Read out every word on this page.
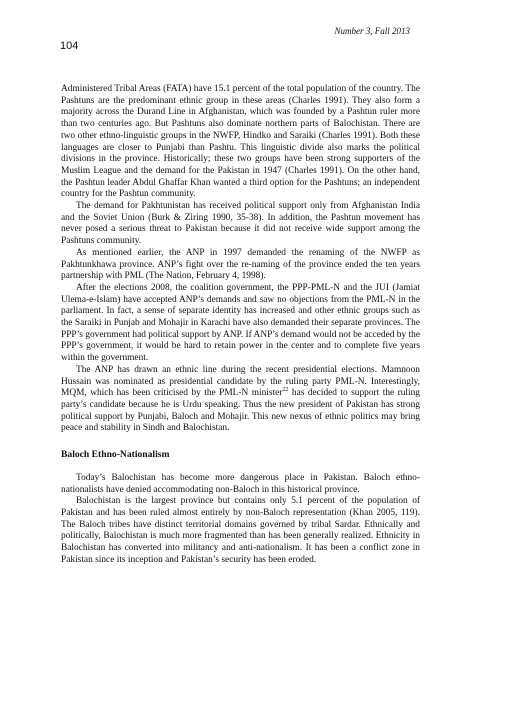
Number 3, Fall 2013
104

Administered Tribal Areas (FATA) have 15.1 percent of the total population of the country. The Pashtuns are the predominant ethnic group in these areas (Charles 1991). They also form a majority across the Durand Line in Afghanistan, which was founded by a Pashtun ruler more than two centuries ago. But Pashtuns also dominate northern parts of Balochistan. There are two other ethno-linguistic groups in the NWFP, Hindko and Saraiki (Charles 1991). Both these languages are closer to Punjabi than Pashtu. This linguistic divide also marks the political divisions in the province. Historically; these two groups have been strong supporters of the Muslim League and the demand for the Pakistan in 1947 (Charles 1991). On the other hand, the Pashtun leader Abdul Ghaffar Khan wanted a third option for the Pashtuns; an independent country for the Pashtun community.

The demand for Pakhtunistan has received political support only from Afghanistan India and the Soviet Union (Burk & Ziring 1990, 35-38). In addition, the Pashtun movement has never posed a serious threat to Pakistan because it did not receive wide support among the Pashtuns community.

As mentioned earlier, the ANP in 1997 demanded the renaming of the NWFP as Pakhtunkhawa province. ANP’s fight over the re-naming of the province ended the ten years partnership with PML (The Nation, February 4, 1998).

After the elections 2008, the coalition government, the PPP-PML-N and the JUI (Jamiat Ulema-e-Islam) have accepted ANP’s demands and saw no objections from the PML-N in the parliament. In fact, a sense of separate identity has increased and other ethnic groups such as the Saraiki in Punjab and Mohajir in Karachi have also demanded their separate provinces. The PPP’s government had political support by ANP. If ANP’s demand would not be acceded by the PPP’s government, it would be hard to retain power in the center and to complete five years within the government.

The ANP has drawn an ethnic line during the recent presidential elections. Mamnoon Hussain was nominated as presidential candidate by the ruling party PML-N. Interestingly, MQM, which has been criticised by the PML-N minister$^{22}$ has decided to support the ruling party’s candidate because he is Urdu speaking. Thus the new president of Pakistan has strong political support by Punjabi, Baloch and Mohajir. This new nexus of ethnic politics may bring peace and stability in Sindh and Balochistan.

Baloch Ethno-Nationalism

Today’s Balochistan has become more dangerous place in Pakistan. Baloch ethno-nationalists have denied accommodating non-Baloch in this historical province.

Balochistan is the largest province but contains only 5.1 percent of the population of Pakistan and has been ruled almost entirely by non-Baloch representation (Khan 2005, 119). The Baloch tribes have distinct territorial domains governed by tribal Sardar. Ethnically and politically, Balochistan is much more fragmented than has been generally realized. Ethnicity in Balochistan has converted into militancy and anti-nationalism. It has been a conflict zone in Pakistan since its inception and Pakistan’s security has been eroded.
